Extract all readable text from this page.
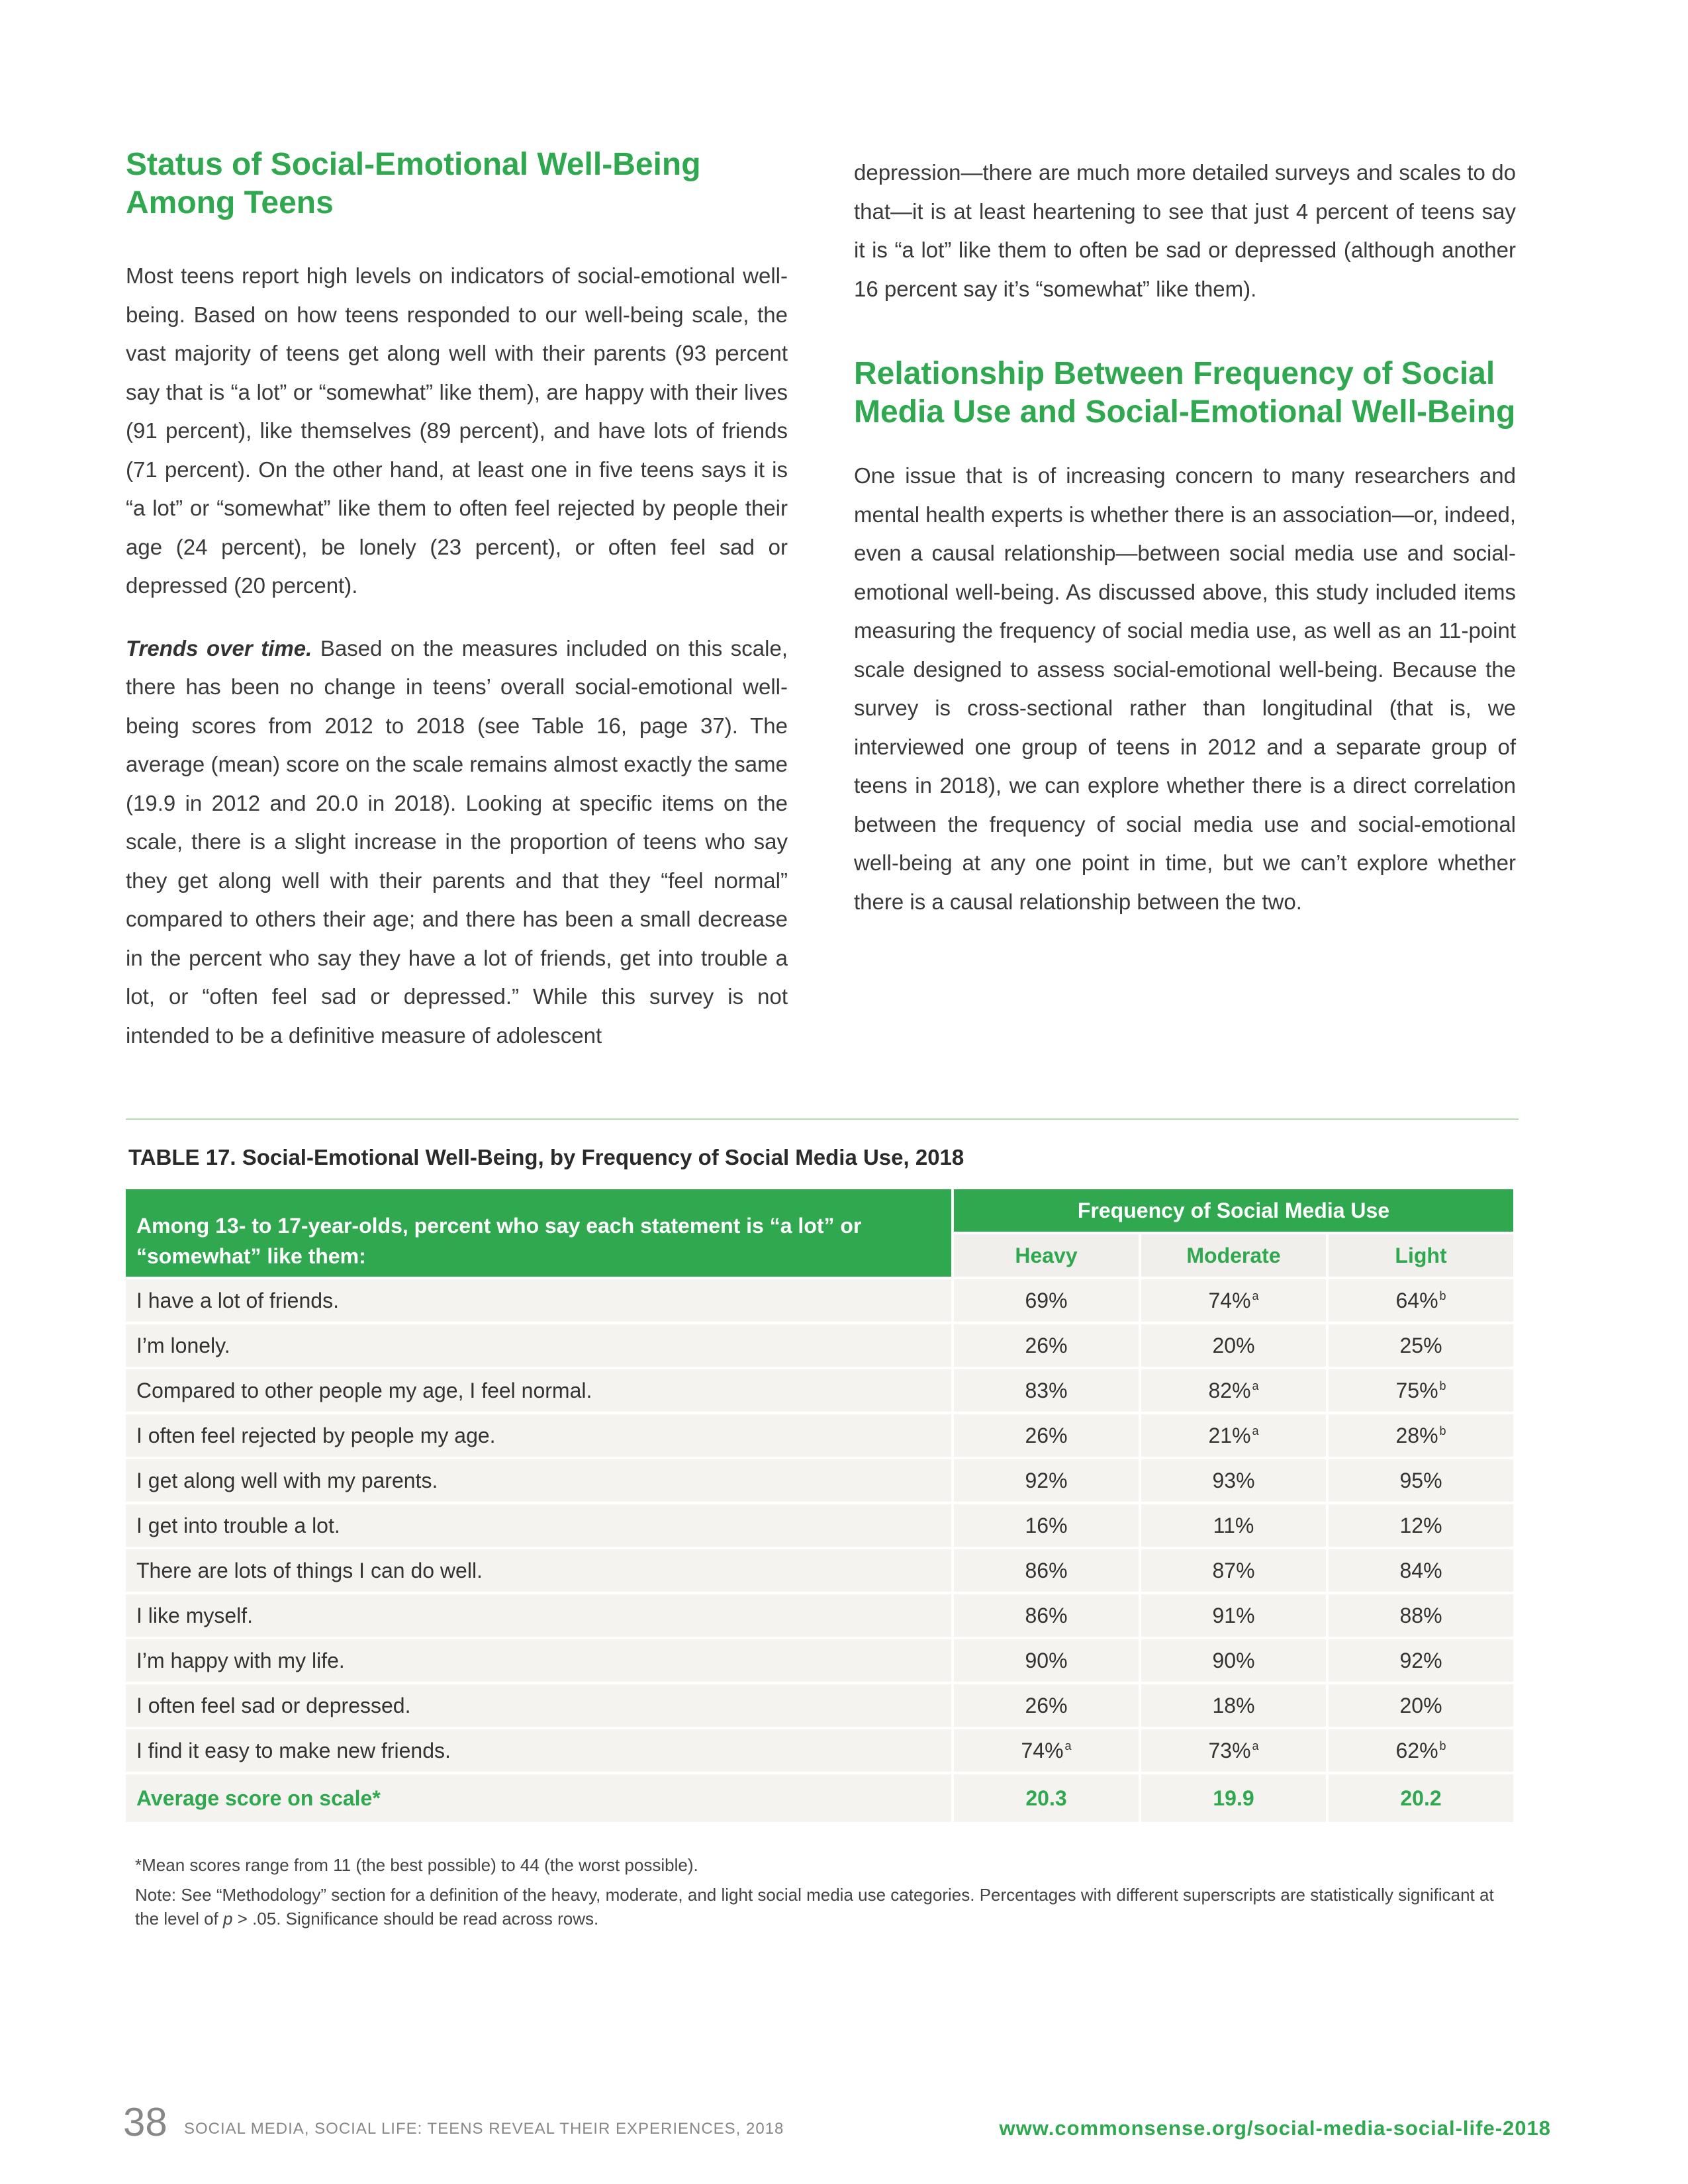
Status of Social-Emotional Well-Being Among Teens

Most teens report high levels on indicators of social-emotional well-being. Based on how teens responded to our well-being scale, the vast majority of teens get along well with their parents (93 percent say that is “a lot” or “somewhat” like them), are happy with their lives (91 percent), like themselves (89 percent), and have lots of friends (71 percent). On the other hand, at least one in five teens says it is “a lot” or “somewhat” like them to often feel rejected by people their age (24 percent), be lonely (23 percent), or often feel sad or depressed (20 percent).

Trends over time. Based on the measures included on this scale, there has been no change in teens’ overall social-emotional well-being scores from 2012 to 2018 (see Table 16, page 37). The average (mean) score on the scale remains almost exactly the same (19.9 in 2012 and 20.0 in 2018). Looking at specific items on the scale, there is a slight increase in the proportion of teens who say they get along well with their parents and that they “feel normal” compared to others their age; and there has been a small decrease in the percent who say they have a lot of friends, get into trouble a lot, or “often feel sad or depressed.” While this survey is not intended to be a definitive measure of adolescent

depression—there are much more detailed surveys and scales to do that—it is at least heartening to see that just 4 percent of teens say it is “a lot” like them to often be sad or depressed (although another 16 percent say it’s “somewhat” like them).

Relationship Between Frequency of Social Media Use and Social-Emotional Well-Being

One issue that is of increasing concern to many researchers and mental health experts is whether there is an association—or, indeed, even a causal relationship—between social media use and social-emotional well-being. As discussed above, this study included items measuring the frequency of social media use, as well as an 11-point scale designed to assess social-emotional well-being. Because the survey is cross-sectional rather than longitudinal (that is, we interviewed one group of teens in 2012 and a separate group of teens in 2018), we can explore whether there is a direct correlation between the frequency of social media use and social-emotional well-being at any one point in time, but we can’t explore whether there is a causal relationship between the two.

TABLE 17. Social-Emotional Well-Being, by Frequency of Social Media Use, 2018
Among 13- to 17-year-olds, percent who say each statement is “a lot” or “somewhat” like them:	Frequency of Social Media Use		
	Heavy	Moderate	Light
I have a lot of friends.	69%	74% $^a$	64% $^b$
I’m lonely.	26%	20%	25%
Compared to other people my age, I feel normal.	83%	82% $^a$	75% $^b$
I often feel rejected by people my age.	26%	21% $^a$	28% $^b$
I get along well with my parents.	92%	93%	95%
I get into trouble a lot.	16%	11%	12%
There are lots of things I can do well.	86%	87%	84%
I like myself.	86%	91%	88%
I’m happy with my life.	90%	90%	92%
I often feel sad or depressed.	26%	18%	20%
I find it easy to make new friends.	74% $^a$	73% $^a$	62% $^b$
Average score on scale*	20.3	19.9	20.2
*Mean scores range from 11 (the best possible) to 44 (the worst possible).
Note: See “Methodology” section for a definition of the heavy, moderate, and light social media use categories. Percentages with different superscripts are statistically significant at the level of p > .05. Significance should be read across rows.
38 SOCIAL MEDIA, SOCIAL LIFE: TEENS REVEAL THEIR EXPERIENCES, 2018	www.commonsense.org/social-media-social-life-2018
